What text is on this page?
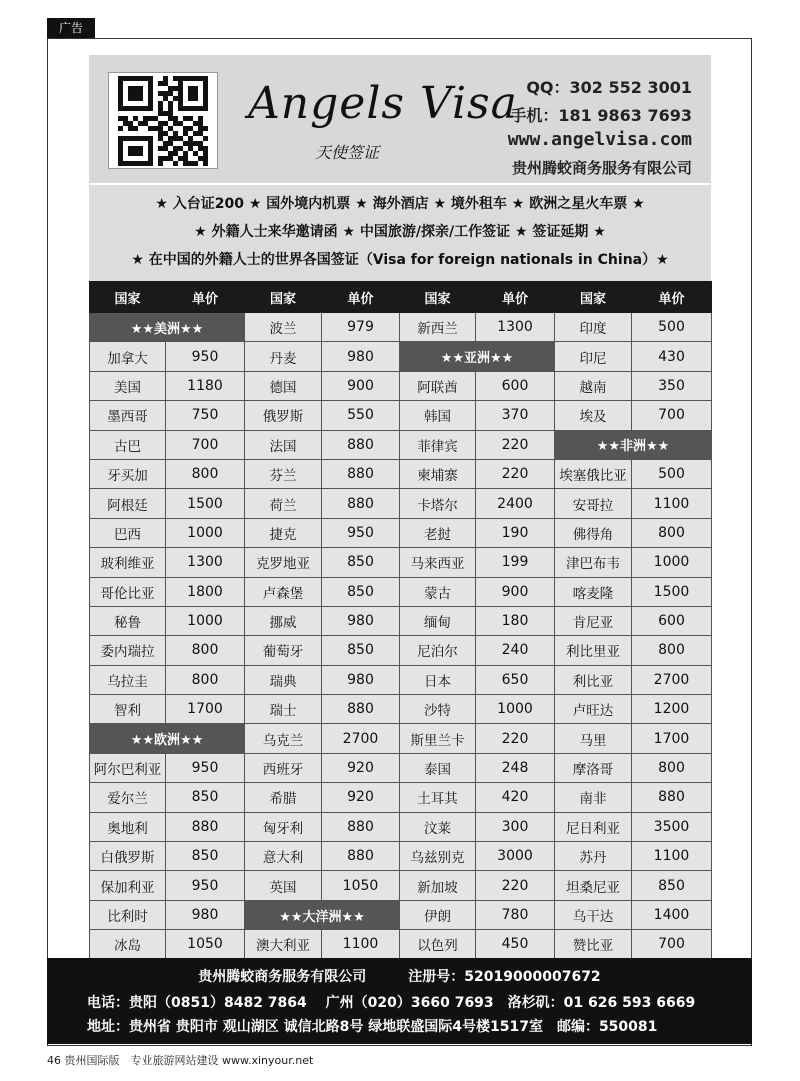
广告
Angels Visa
天使签证
QQ：302 552 3001
手机：181 9863 7693
www.angelvisa.com
贵州腾蛟商务服务有限公司
★ 入台证200 ★ 国外境内机票 ★ 海外酒店 ★ 境外租车 ★ 欧洲之星火车票 ★
★ 外籍人士来华邀请函 ★ 中国旅游/探亲/工作签证 ★ 签证延期 ★
★ 在中国的外籍人士的世界各国签证（Visa for foreign nationals in China）★
国家	单价	国家	单价	国家	单价	国家	单价
★★美洲★★		波兰	979	新西兰	1300	印度	500
加拿大	950	丹麦	980	★★亚洲★★		印尼	430
美国	1180	德国	900	阿联酋	600	越南	350
墨西哥	750	俄罗斯	550	韩国	370	埃及	700
古巴	700	法国	880	菲律宾	220	★★非洲★★	
牙买加	800	芬兰	880	柬埔寨	220	埃塞俄比亚	500
阿根廷	1500	荷兰	880	卡塔尔	2400	安哥拉	1100
巴西	1000	捷克	950	老挝	190	佛得角	800
玻利维亚	1300	克罗地亚	850	马来西亚	199	津巴布韦	1000
哥伦比亚	1800	卢森堡	850	蒙古	900	喀麦隆	1500
秘鲁	1000	挪威	980	缅甸	180	肯尼亚	600
委内瑞拉	800	葡萄牙	850	尼泊尔	240	利比里亚	800
乌拉圭	800	瑞典	980	日本	650	利比亚	2700
智利	1700	瑞士	880	沙特	1000	卢旺达	1200
★★欧洲★★		乌克兰	2700	斯里兰卡	220	马里	1700
阿尔巴利亚	950	西班牙	920	泰国	248	摩洛哥	800
爱尔兰	850	希腊	920	土耳其	420	南非	880
奥地利	880	匈牙利	880	汶莱	300	尼日利亚	3500
白俄罗斯	850	意大利	880	乌兹别克	3000	苏丹	1100
保加利亚	950	英国	1050	新加坡	220	坦桑尼亚	850
比利时	980	★★大洋洲★★		伊朗	780	乌干达	1400
冰岛	1050	澳大利亚	1100	以色列	450	赞比亚	700
贵州腾蛟商务服务有限公司　　　注册号：52019000007672
电话：贵阳（0851）8482 7864　 广州（020）3660 7693　洛杉矶：01 626 593 6669
地址：贵州省 贵阳市 观山湖区 诚信北路8号 绿地联盛国际4号楼1517室　邮编：550081
46 贵州国际版　专业旅游网站建设 www.xinyour.net
